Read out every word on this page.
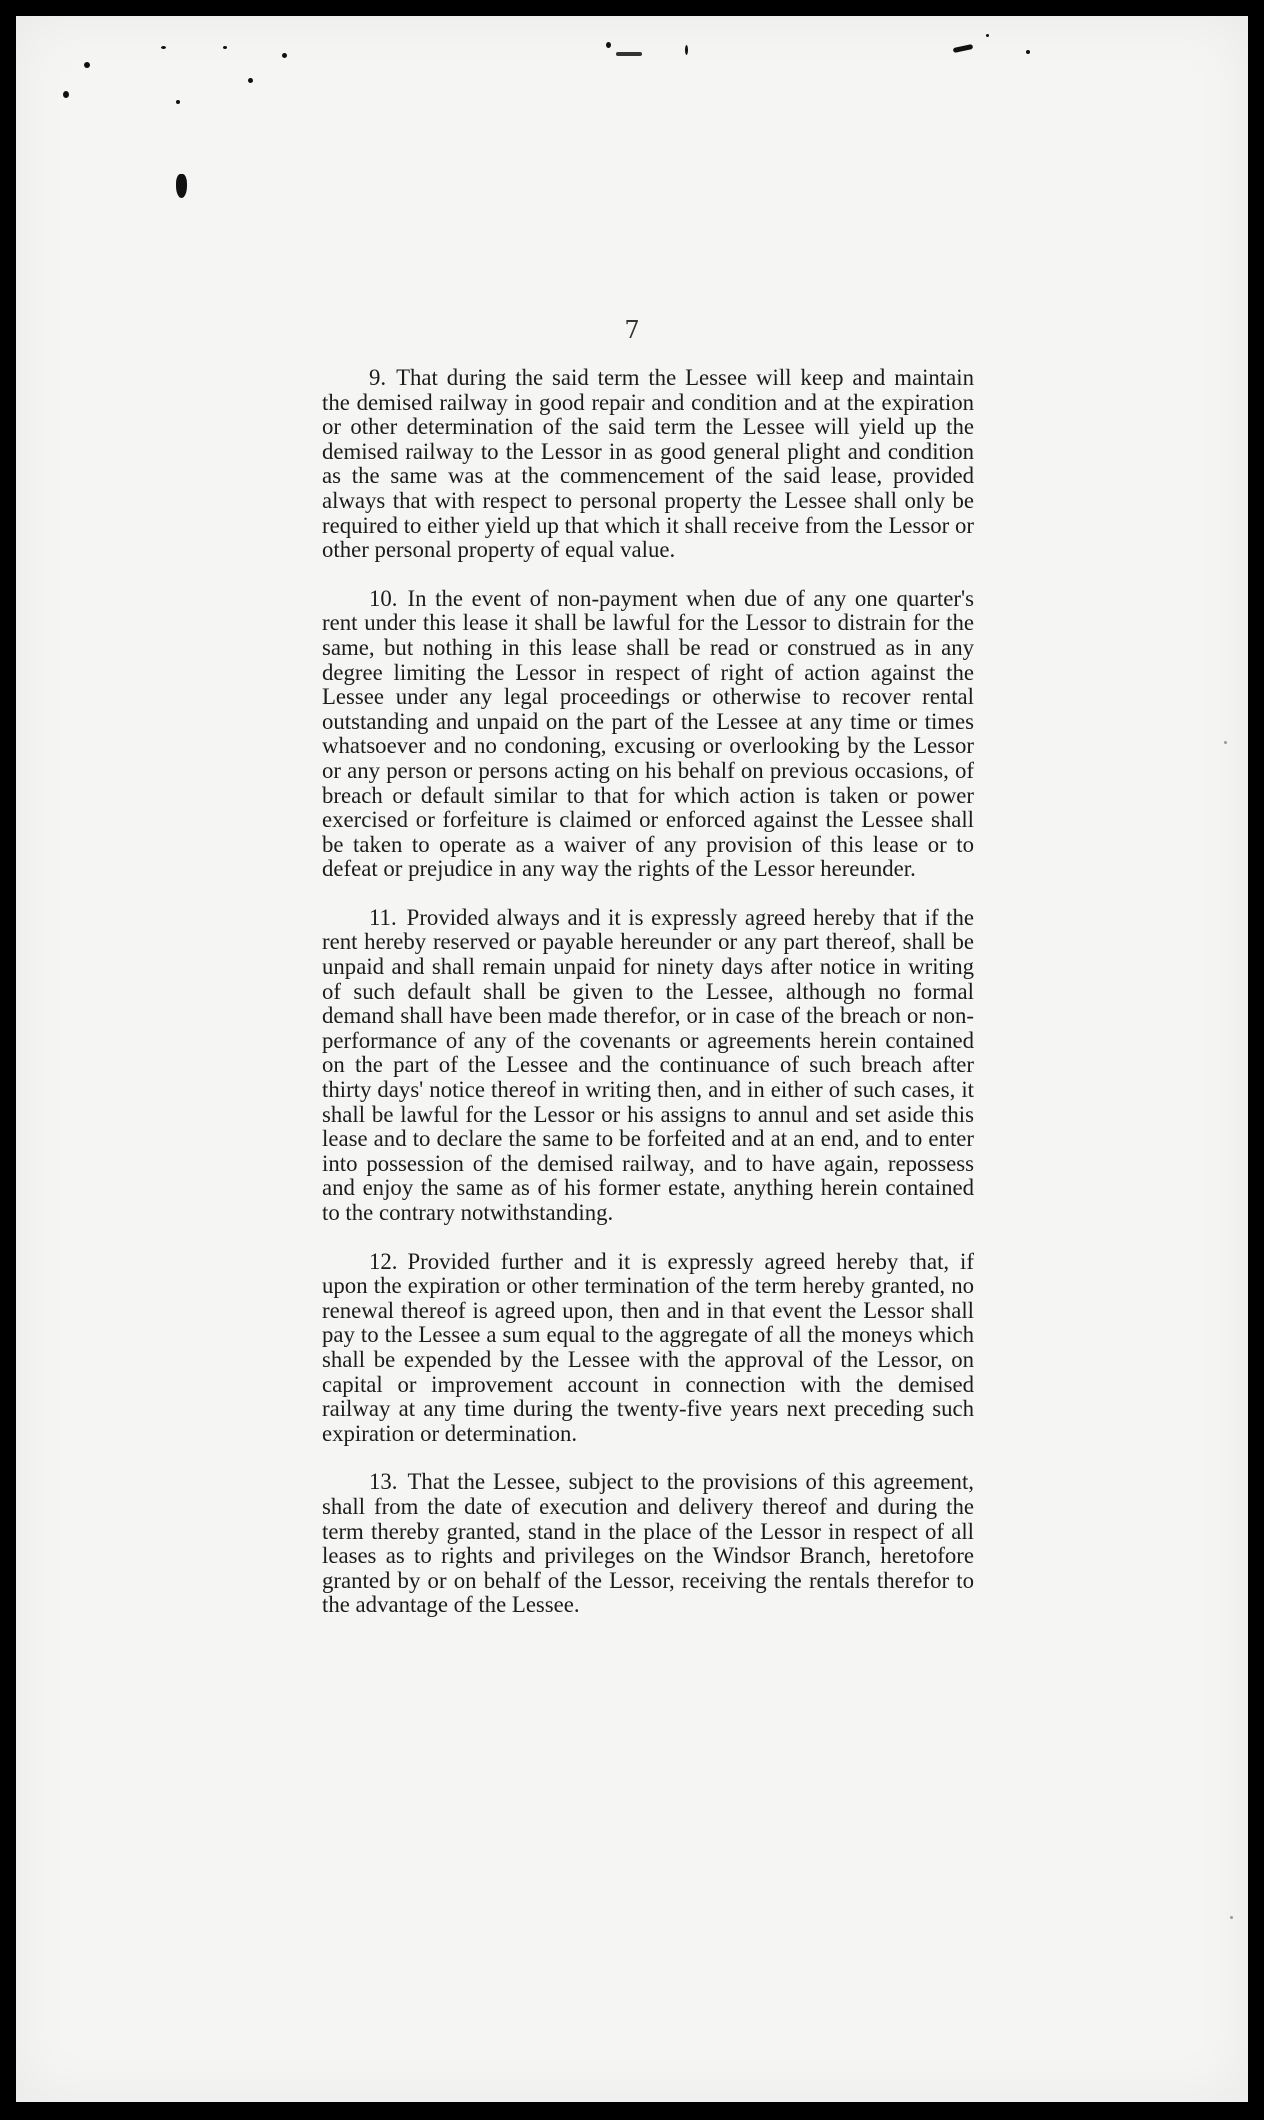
7

9. That during the said term the Lessee will keep and maintain the demised railway in good repair and condition and at the expiration or other determination of the said term the Lessee will yield up the demised railway to the Lessor in as good general plight and condition as the same was at the commencement of the said lease, provided always that with respect to personal property the Lessee shall only be required to either yield up that which it shall receive from the Lessor or other personal property of equal value.

10. In the event of non-payment when due of any one quarter's rent under this lease it shall be lawful for the Lessor to distrain for the same, but nothing in this lease shall be read or construed as in any degree limiting the Lessor in respect of right of action against the Lessee under any legal proceedings or otherwise to recover rental outstanding and unpaid on the part of the Lessee at any time or times whatsoever and no condoning, excusing or overlooking by the Lessor or any person or persons acting on his behalf on previous occasions, of breach or default similar to that for which action is taken or power exercised or forfeiture is claimed or enforced against the Lessee shall be taken to operate as a waiver of any provision of this lease or to defeat or prejudice in any way the rights of the Lessor hereunder.

11. Provided always and it is expressly agreed hereby that if the rent hereby reserved or payable hereunder or any part thereof, shall be unpaid and shall remain unpaid for ninety days after notice in writing of such default shall be given to the Lessee, although no formal demand shall have been made therefor, or in case of the breach or non-performance of any of the covenants or agreements herein contained on the part of the Lessee and the continuance of such breach after thirty days' notice thereof in writing then, and in either of such cases, it shall be lawful for the Lessor or his assigns to annul and set aside this lease and to declare the same to be forfeited and at an end, and to enter into possession of the demised railway, and to have again, repossess and enjoy the same as of his former estate, anything herein contained to the contrary notwithstanding.

12. Provided further and it is expressly agreed hereby that, if upon the expiration or other termination of the term hereby granted, no renewal thereof is agreed upon, then and in that event the Lessor shall pay to the Lessee a sum equal to the aggregate of all the moneys which shall be expended by the Lessee with the approval of the Lessor, on capital or improvement account in connection with the demised railway at any time during the twenty-five years next preceding such expiration or determination.

13. That the Lessee, subject to the provisions of this agreement, shall from the date of execution and delivery thereof and during the term thereby granted, stand in the place of the Lessor in respect of all leases as to rights and privileges on the Windsor Branch, heretofore granted by or on behalf of the Lessor, receiving the rentals therefor to the advantage of the Lessee.
